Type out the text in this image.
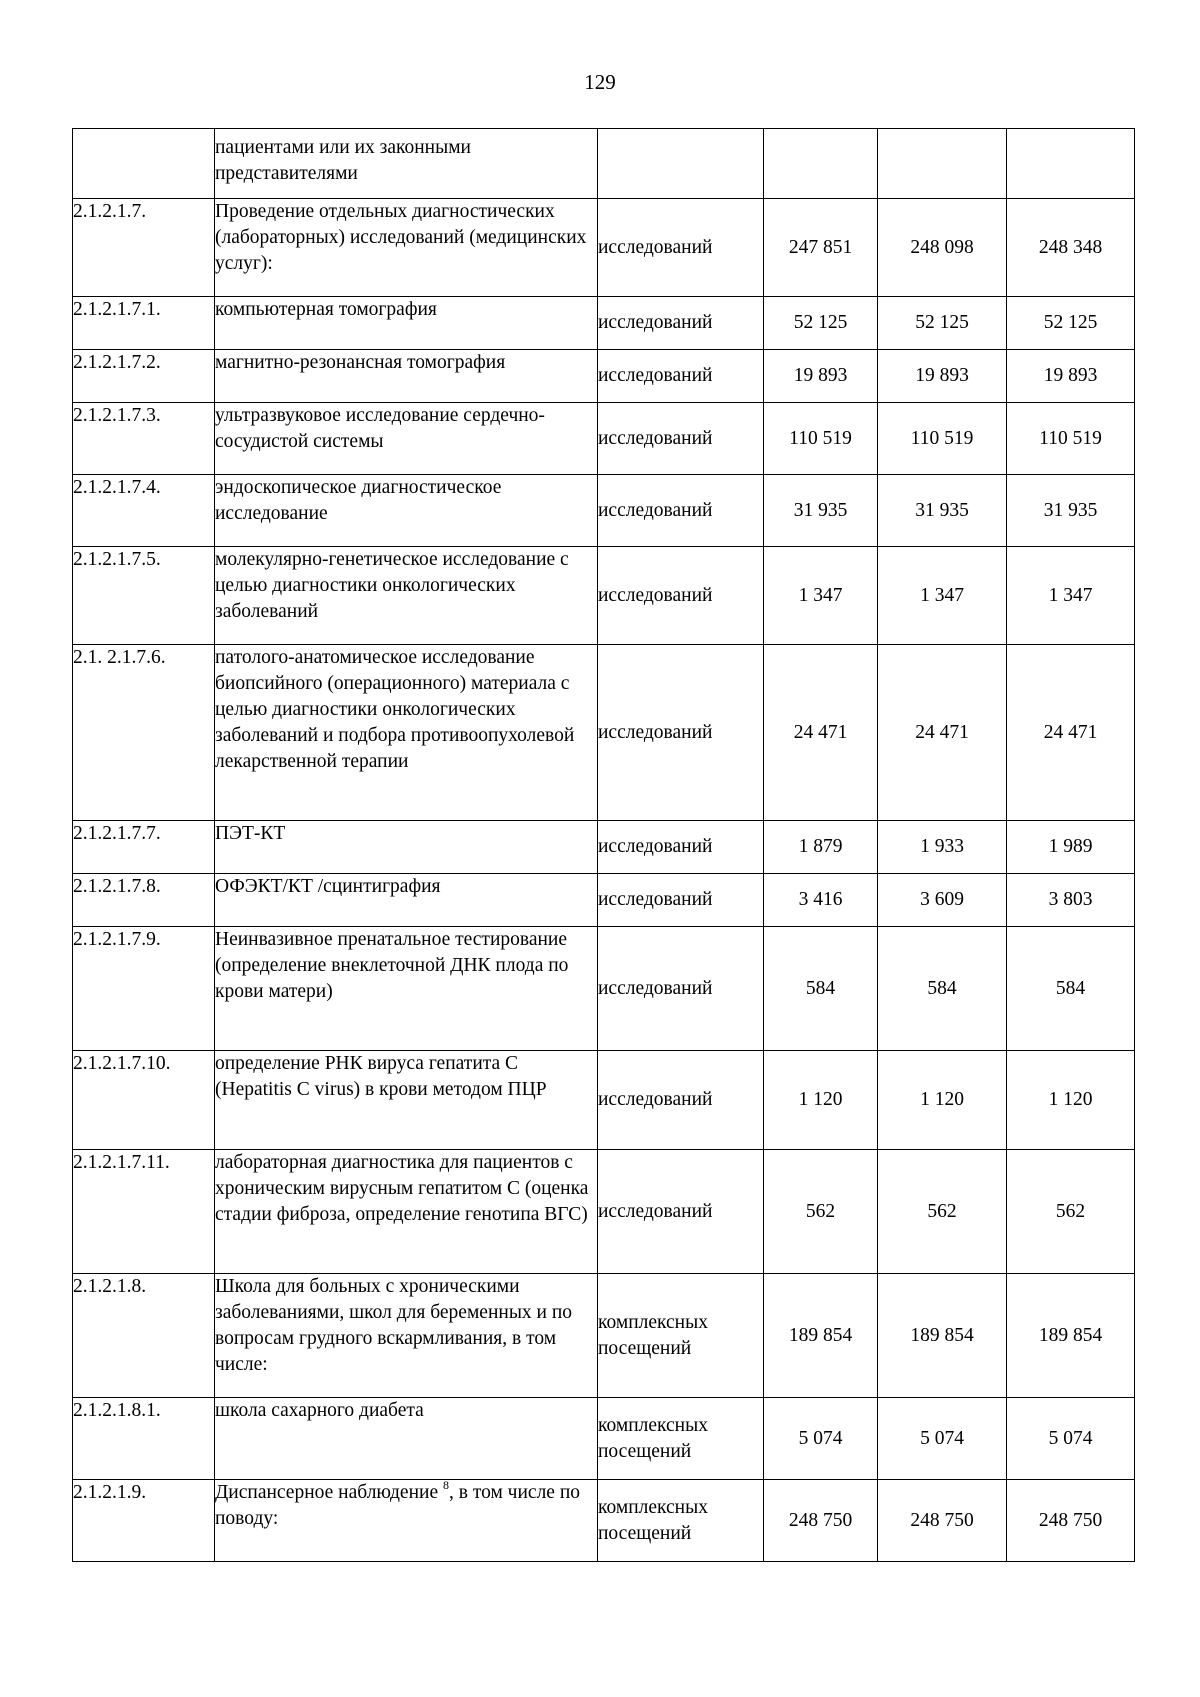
129
	пациентами или их законными представителями				
2.1.2.1.7.	Проведение отдельных диагностических (лабораторных) исследований (медицинских услуг):	исследований	247 851	248 098	248 348
2.1.2.1.7.1.	компьютерная томография	исследований	52 125	52 125	52 125
2.1.2.1.7.2.	магнитно-резонансная томография	исследований	19 893	19 893	19 893
2.1.2.1.7.3.	ультразвуковое исследование сердечно-сосудистой системы	исследований	110 519	110 519	110 519
2.1.2.1.7.4.	эндоскопическое диагностическое исследование	исследований	31 935	31 935	31 935
2.1.2.1.7.5.	молекулярно-генетическое исследование с целью диагностики онкологических заболеваний	исследований	1 347	1 347	1 347
2.1. 2.1.7.6.	патолого-анатомическое исследование биопсийного (операционного) материала с целью диагностики онкологических заболеваний и подбора противоопухолевой лекарственной терапии	исследований	24 471	24 471	24 471
2.1.2.1.7.7.	ПЭТ-КТ	исследований	1 879	1 933	1 989
2.1.2.1.7.8.	ОФЭКТ/КТ /сцинтиграфия	исследований	3 416	3 609	3 803
2.1.2.1.7.9.	Неинвазивное пренатальное тестирование (определение внеклеточной ДНК плода по крови матери)	исследований	584	584	584
2.1.2.1.7.10.	определение РНК вируса гепатита С (Hepatitis C virus) в крови методом ПЦР	исследований	1 120	1 120	1 120
2.1.2.1.7.11.	лабораторная диагностика для пациентов с хроническим вирусным гепатитом С (оценка стадии фиброза, определение генотипа ВГС)	исследований	562	562	562
2.1.2.1.8.	Школа для больных с хроническими заболеваниями, школ для беременных и по вопросам грудного вскармливания, в том числе:	комплексных посещений	189 854	189 854	189 854
2.1.2.1.8.1.	школа сахарного диабета	комплексных посещений	5 074	5 074	5 074
2.1.2.1.9.	Диспансерное наблюдение $^8$, в том числе по поводу:	комплексных посещений	248 750	248 750	248 750
